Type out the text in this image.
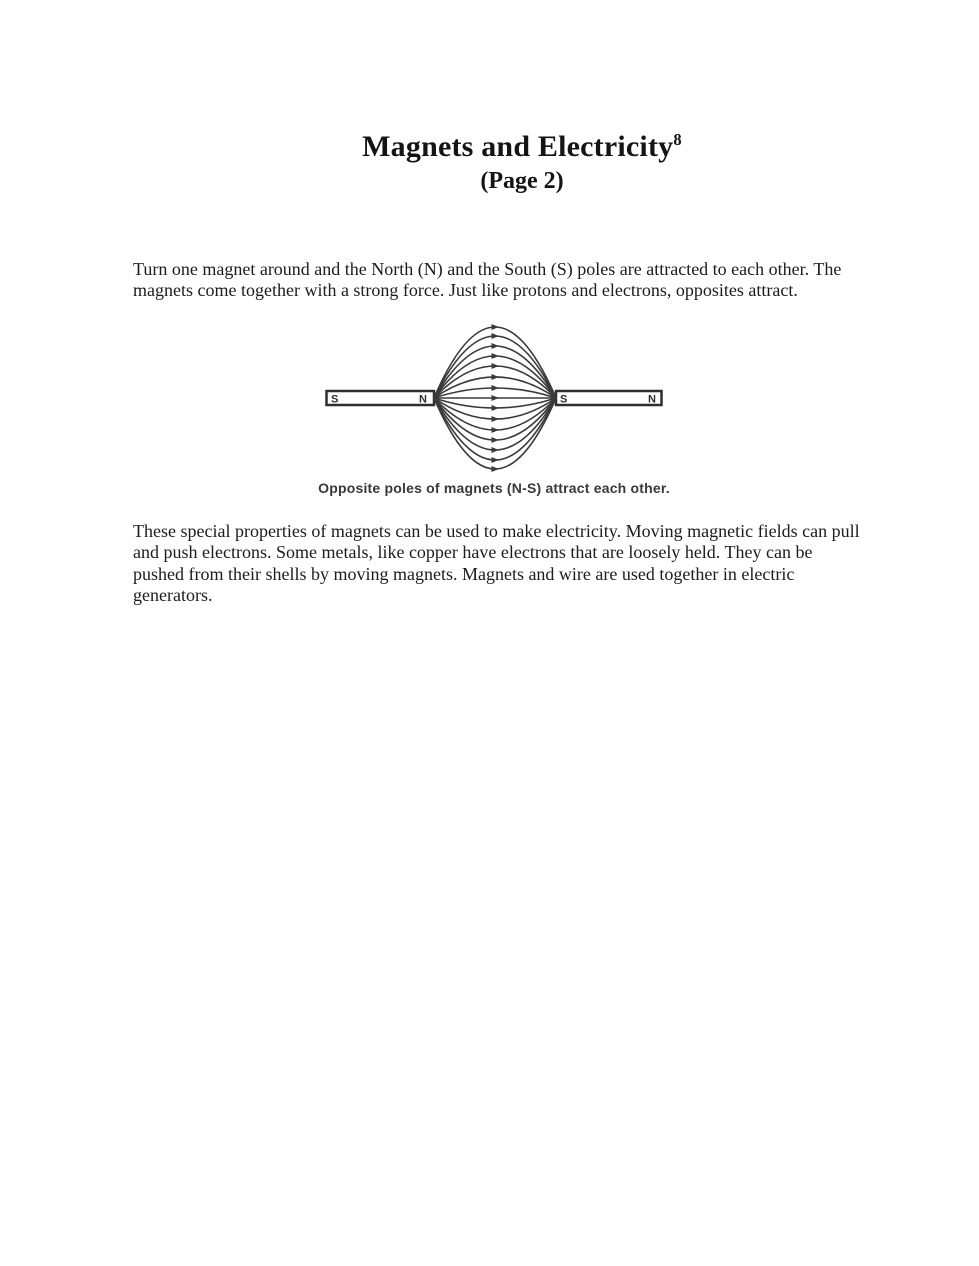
Magnets and Electricity$^8$
(Page 2)

Turn one magnet around and the North (N) and the South (S) poles are attracted to each other. The magnets come together with a strong force. Just like protons and electrons, opposites attract.

S	N	S	N
Opposite poles of magnets (N-S) attract each other.

These special properties of magnets can be used to make electricity. Moving magnetic fields can pull and push electrons. Some metals, like copper have electrons that are loosely held. They can be pushed from their shells by moving magnets. Magnets and wire are used together in electric generators.
